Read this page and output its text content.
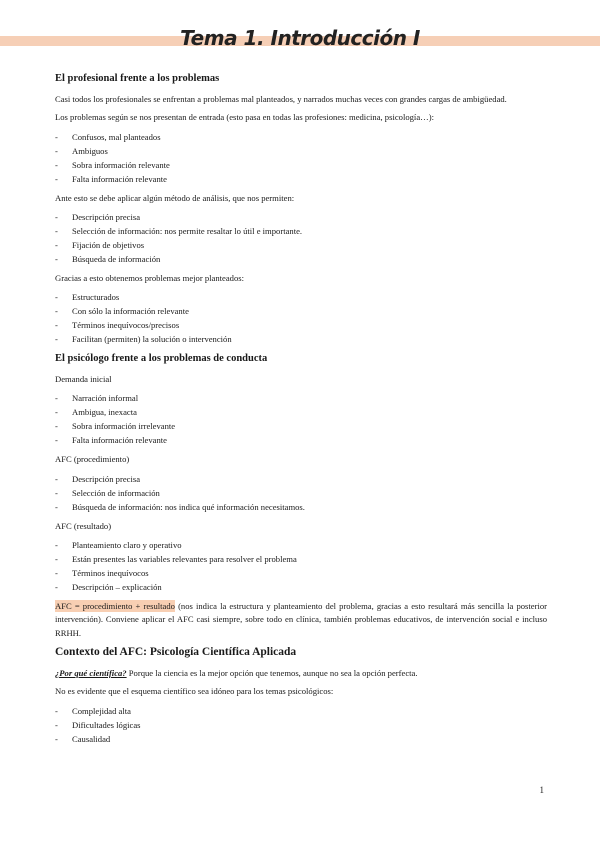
Tema 1. Introducción I
El profesional frente a los problemas

Casi todos los profesionales se enfrentan a problemas mal planteados, y narrados muchas veces con grandes cargas de ambigüedad.

Los problemas según se nos presentan de entrada (esto pasa en todas las profesiones: medicina, psicología…):

- Confusos, mal planteados
- Ambiguos
- Sobra información relevante
- Falta información relevante

Ante esto se debe aplicar algún método de análisis, que nos permiten:

- Descripción precisa
- Selección de información: nos permite resaltar lo útil e importante.
- Fijación de objetivos
- Búsqueda de información

Gracias a esto obtenemos problemas mejor planteados:

- Estructurados
- Con sólo la información relevante
- Términos inequívocos/precisos
- Facilitan (permiten) la solución o intervención
El psicólogo frente a los problemas de conducta

Demanda inicial

- Narración informal
- Ambigua, inexacta
- Sobra información irrelevante
- Falta información relevante

AFC (procedimiento)

- Descripción precisa
- Selección de información
- Búsqueda de información: nos indica qué información necesitamos.

AFC (resultado)

- Planteamiento claro y operativo
- Están presentes las variables relevantes para resolver el problema
- Términos inequívocos
- Descripción – explicación

AFC = procedimiento + resultado (nos indica la estructura y planteamiento del problema, gracias a esto resultará más sencilla la posterior intervención). Conviene aplicar el AFC casi siempre, sobre todo en clínica, también problemas educativos, de intervención social e incluso RRHH.

Contexto del AFC: Psicología Científica Aplicada

¿Por qué científica? Porque la ciencia es la mejor opción que tenemos, aunque no sea la opción perfecta.

No es evidente que el esquema científico sea idóneo para los temas psicológicos:

- Complejidad alta
- Dificultades lógicas
- Causalidad
1
